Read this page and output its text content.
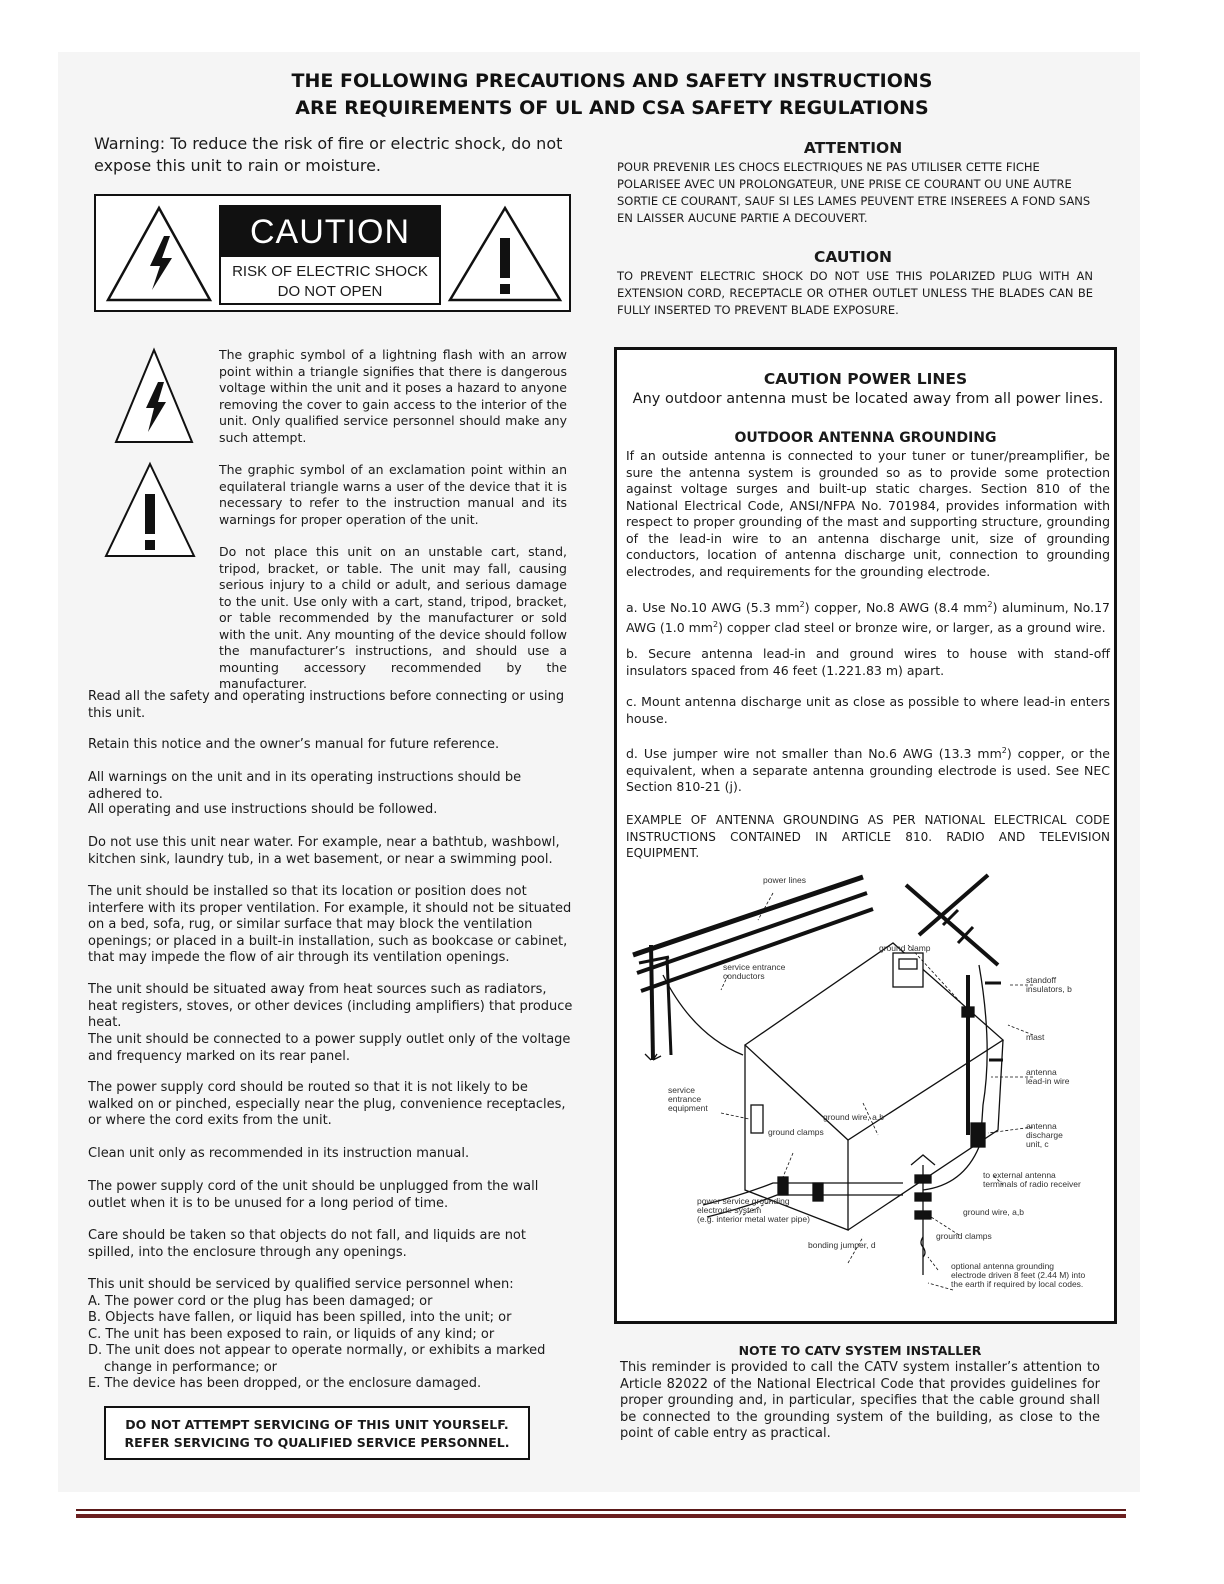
THE FOLLOWING PRECAUTIONS AND SAFETY INSTRUCTIONS
ARE REQUIREMENTS OF UL AND CSA SAFETY REGULATIONS
Warning: To reduce the risk of fire or electric shock, do not expose this unit to rain or moisture.
CAUTION
RISK OF ELECTRIC SHOCK
DO NOT OPEN
The graphic symbol of a lightning flash with an arrow point within a triangle signifies that there is dangerous voltage within the unit and it poses a hazard to anyone removing the cover to gain access to the interior of the unit. Only qualified service personnel should make any such attempt.
The graphic symbol of an exclamation point within an equilateral triangle warns a user of the device that it is necessary to refer to the instruction manual and its warnings for proper operation of the unit.
Do not place this unit on an unstable cart, stand, tripod, bracket, or table. The unit may fall, causing serious injury to a child or adult, and serious damage to the unit. Use only with a cart, stand, tripod, bracket, or table recommended by the manufacturer or sold with the unit. Any mounting of the device should follow the manufacturer’s instructions, and should use a mounting accessory recommended by the manufacturer.
Read all the safety and operating instructions before connecting or using this unit.
Retain this notice and the owner’s manual for future reference.
All warnings on the unit and in its operating instructions should be adhered to.
All operating and use instructions should be followed.
Do not use this unit near water. For example, near a bathtub, washbowl, kitchen sink, laundry tub, in a wet basement, or near a swimming pool.
The unit should be installed so that its location or position does not interfere with its proper ventilation. For example, it should not be situated on a bed, sofa, rug, or similar surface that may block the ventilation openings; or placed in a built-in installation, such as bookcase or cabinet, that may impede the flow of air through its ventilation openings.
The unit should be situated away from heat sources such as radiators, heat registers, stoves, or other devices (including amplifiers) that produce heat.
The unit should be connected to a power supply outlet only of the voltage and frequency marked on its rear panel.
The power supply cord should be routed so that it is not likely to be walked on or pinched, especially near the plug, convenience receptacles, or where the cord exits from the unit.
Clean unit only as recommended in its instruction manual.
The power supply cord of the unit should be unplugged from the wall outlet when it is to be unused for a long period of time.
Care should be taken so that objects do not fall, and liquids are not spilled, into the enclosure through any openings.
This unit should be serviced by qualified service personnel when:
A. The power cord or the plug has been damaged; or
B. Objects have fallen, or liquid has been spilled, into the unit; or
C. The unit has been exposed to rain, or liquids of any kind; or
D. The unit does not appear to operate normally, or exhibits a marked change in performance; or
E. The device has been dropped, or the enclosure damaged.
DO NOT ATTEMPT SERVICING OF THIS UNIT YOURSELF.
REFER SERVICING TO QUALIFIED SERVICE PERSONNEL.
ATTENTION
POUR PREVENIR LES CHOCS ELECTRIQUES NE PAS UTILISER CETTE FICHE POLARISEE AVEC UN PROLONGATEUR, UNE PRISE CE COURANT OU UNE AUTRE SORTIE CE COURANT, SAUF SI LES LAMES PEUVENT ETRE INSEREES A FOND SANS EN LAISSER AUCUNE PARTIE A DECOUVERT.
CAUTION
TO PREVENT ELECTRIC SHOCK DO NOT USE THIS POLARIZED PLUG WITH AN EXTENSION CORD, RECEPTACLE OR OTHER OUTLET UNLESS THE BLADES CAN BE FULLY INSERTED TO PREVENT BLADE EXPOSURE.
CAUTION POWER LINES
Any outdoor antenna must be located away from all power lines.
OUTDOOR ANTENNA GROUNDING
If an outside antenna is connected to your tuner or tuner/preamplifier, be sure the antenna system is grounded so as to provide some protection against voltage surges and built-up static charges. Section 810 of the National Electrical Code, ANSI/NFPA No. 701984, provides information with respect to proper grounding of the mast and supporting structure, grounding of the lead-in wire to an antenna discharge unit, size of grounding conductors, location of antenna discharge unit, connection to grounding electrodes, and requirements for the grounding electrode.
a. Use No.10 AWG (5.3 $mm^2$) copper, No.8 AWG (8.4 $mm^2$) aluminum, No.17 AWG (1.0 $mm^2$) copper clad steel or bronze wire, or larger, as a ground wire.
b. Secure antenna lead-in and ground wires to house with stand-off insulators spaced from 46 feet (1.221.83 m) apart.
c. Mount antenna discharge unit as close as possible to where lead-in enters house.
d. Use jumper wire not smaller than No.6 AWG (13.3 $mm^2$) copper, or the equivalent, when a separate antenna grounding electrode is used. See NEC Section 810-21 (j).
EXAMPLE OF ANTENNA GROUNDING AS PER NATIONAL ELECTRICAL CODE INSTRUCTIONS CONTAINED IN ARTICLE 810. RADIO AND TELEVISION EQUIPMENT.
power lines
ground clamp
service entrance
conductors	standoff
insulators, b
mast
antenna
lead-in wire
service
entrance
equipment
ground wire, a,b
ground clamps
antenna
discharge
unit, c
to external antenna
terminals of radio receiver
power service grounding
electrode system
(e.g. interior metal water pipe)
ground wire, a,b
ground clamps
bonding jumper, d
optional antenna grounding
electrode driven 8 feet (2.44 M) into
the earth if required by local codes.
NOTE TO CATV SYSTEM INSTALLER
This reminder is provided to call the CATV system installer’s attention to Article 82022 of the National Electrical Code that provides guidelines for proper grounding and, in particular, specifies that the cable ground shall be connected to the grounding system of the building, as close to the point of cable entry as practical.
